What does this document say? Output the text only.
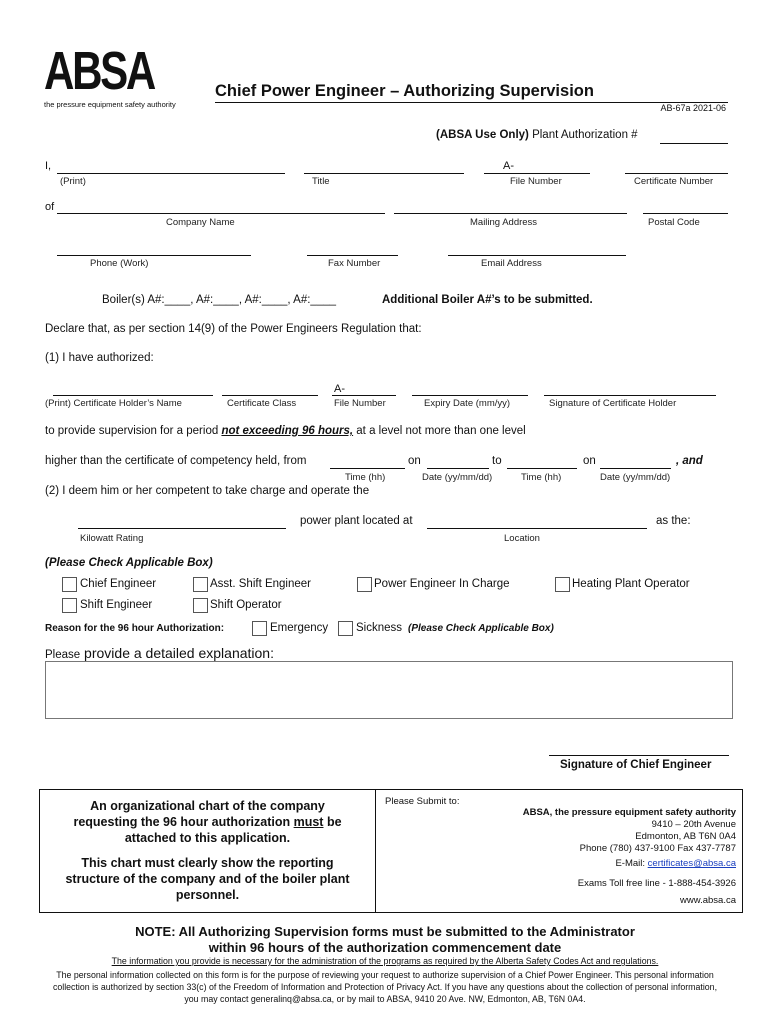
ABSA
the pressure equipment safety authority
Chief Power Engineer – Authorizing Supervision
AB-67a 2021-06
(ABSA Use Only) Plant Authorization #
I,	A-
(Print)	Title	File Number	Certificate Number
of
Company Name	Mailing Address	Postal Code
Phone (Work)	Fax Number	Email Address
Boiler(s) A#:____, A#:____, A#:____, A#:____	Additional Boiler A#’s to be submitted.
Declare that, as per section 14(9) of the Power Engineers Regulation that:
(1) I have authorized:
A-
(Print) Certificate Holder’s Name	Certificate Class	File Number	Expiry Date (mm/yy)	Signature of Certificate Holder
to provide supervision for a period not exceeding 96 hours, at a level not more than one level
higher than the certificate of competency held, from	on	to	on	, and
Time (hh)	Date (yy/mm/dd)	Time (hh)	Date (yy/mm/dd)
(2) I deem him or her competent to take charge and operate the
power plant located at	as the:
Kilowatt Rating	Location
(Please Check Applicable Box)
Chief Engineer	Asst. Shift Engineer	Power Engineer In Charge	Heating Plant Operator
Shift Engineer	Shift Operator
Reason for the 96 hour Authorization:	Emergency Sickness (Please Check Applicable Box)
Please provide a detailed explanation:
Signature of Chief Engineer
An organizational chart of the company requesting the 96 hour authorization must be attached to this application.
This chart must clearly show the reporting structure of the company and of the boiler plant personnel.
Please Submit to:
ABSA, the pressure equipment safety authority
9410 – 20th Avenue
Edmonton, AB T6N 0A4
Phone (780) 437-9100 Fax 437-7787
E-Mail: certificates@absa.ca
Exams Toll free line - 1-888-454-3926
www.absa.ca
NOTE: All Authorizing Supervision forms must be submitted to the Administrator
within 96 hours of the authorization commencement date
The information you provide is necessary for the administration of the programs as required by the Alberta Safety Codes Act and regulations.
The personal information collected on this form is for the purpose of reviewing your request to authorize supervision of a Chief Power Engineer. This personal information collection is authorized by section 33(c) of the Freedom of Information and Protection of Privacy Act. If you have any questions about the collection of personal information, you may contact generalinq@absa.ca, or by mail to ABSA, 9410 20 Ave. NW, Edmonton, AB, T6N 0A4.
